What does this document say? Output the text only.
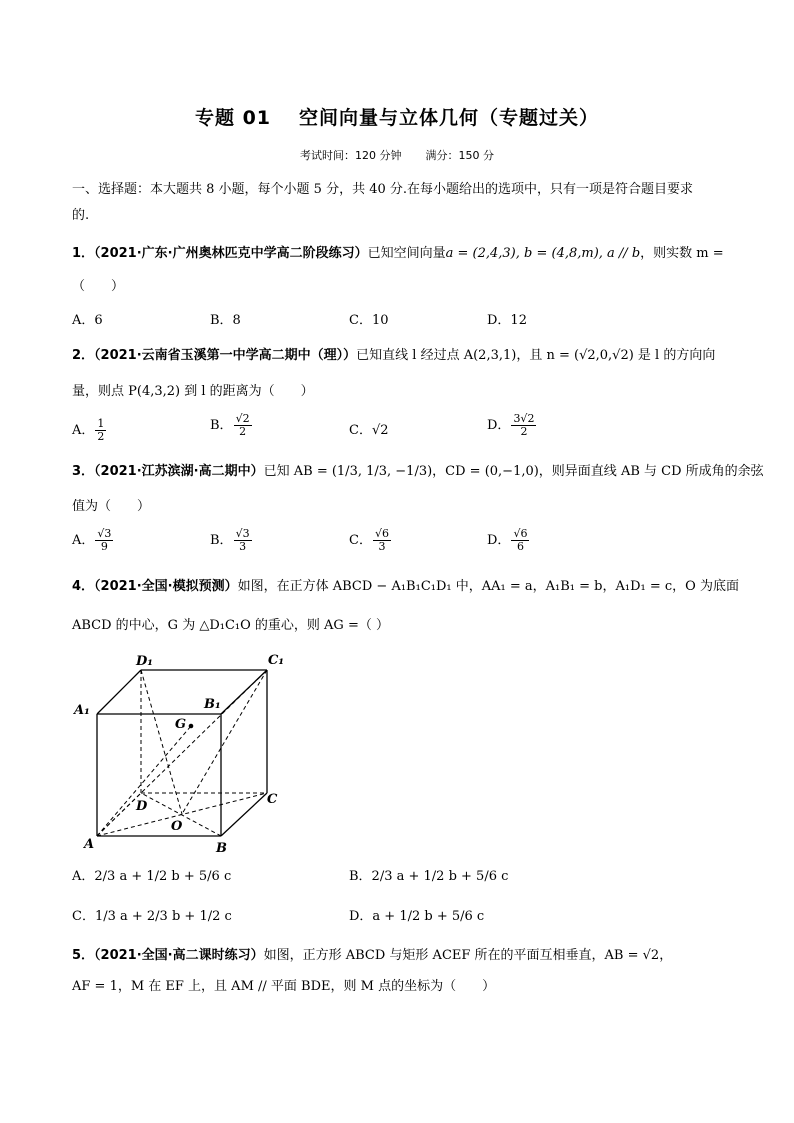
专题 01 空间向量与立体几何（专题过关）
考试时间：120 分钟 满分：150 分
一、选择题：本大题共 8 小题，每个小题 5 分，共 40 分.在每小题给出的选项中，只有一项是符合题目要求
的.
1．（2021·广东·广州奥林匹克中学高二阶段练习）已知空间向量a = (2,4,3), b = (4,8,m), a // b，则实数 m =
（　　）
A．6	B．8	C．10	D．12
2．（2021·云南省玉溪第一中学高二期中（理））已知直线 l 经过点 A(2,3,1)，且 n = (√2,0,√2) 是 l 的方向向
量，则点 P(4,3,2) 到 l 的距离为（　　）
A． $\frac{1}{2}$	B． $\frac{√2}{2}$	C．√2	D． $\frac{3√2}{2}$
3．（2021·江苏滨湖·高二期中）已知 AB = (1/3, 1/3, −1/3)，CD = (0,−1,0)，则异面直线 AB 与 CD 所成角的余弦
值为（　　）
A． $\frac{√3}{9}$	B． $\frac{√3}{3}$	C． $\frac{√6}{3}$	D． $\frac{√6}{6}$
4．（2021·全国·模拟预测）如图，在正方体 ABCD − A₁B₁C₁D₁ 中，AA₁ = a，A₁B₁ = b，A₁D₁ = c，O 为底面
ABCD 的中心，G 为 △D₁C₁O 的重心，则 AG =（ ）
D₁	C₁
A₁	B₁
G
D	C
A
O
B
A．2/3 a + 1/2 b + 5/6 c	B．2/3 a + 1/2 b + 5/6 c
C．1/3 a + 2/3 b + 1/2 c	D．a + 1/2 b + 5/6 c
5．（2021·全国·高二课时练习）如图，正方形 ABCD 与矩形 ACEF 所在的平面互相垂直，AB = √2，
AF = 1，M 在 EF 上，且 AM // 平面 BDE，则 M 点的坐标为（　　）
